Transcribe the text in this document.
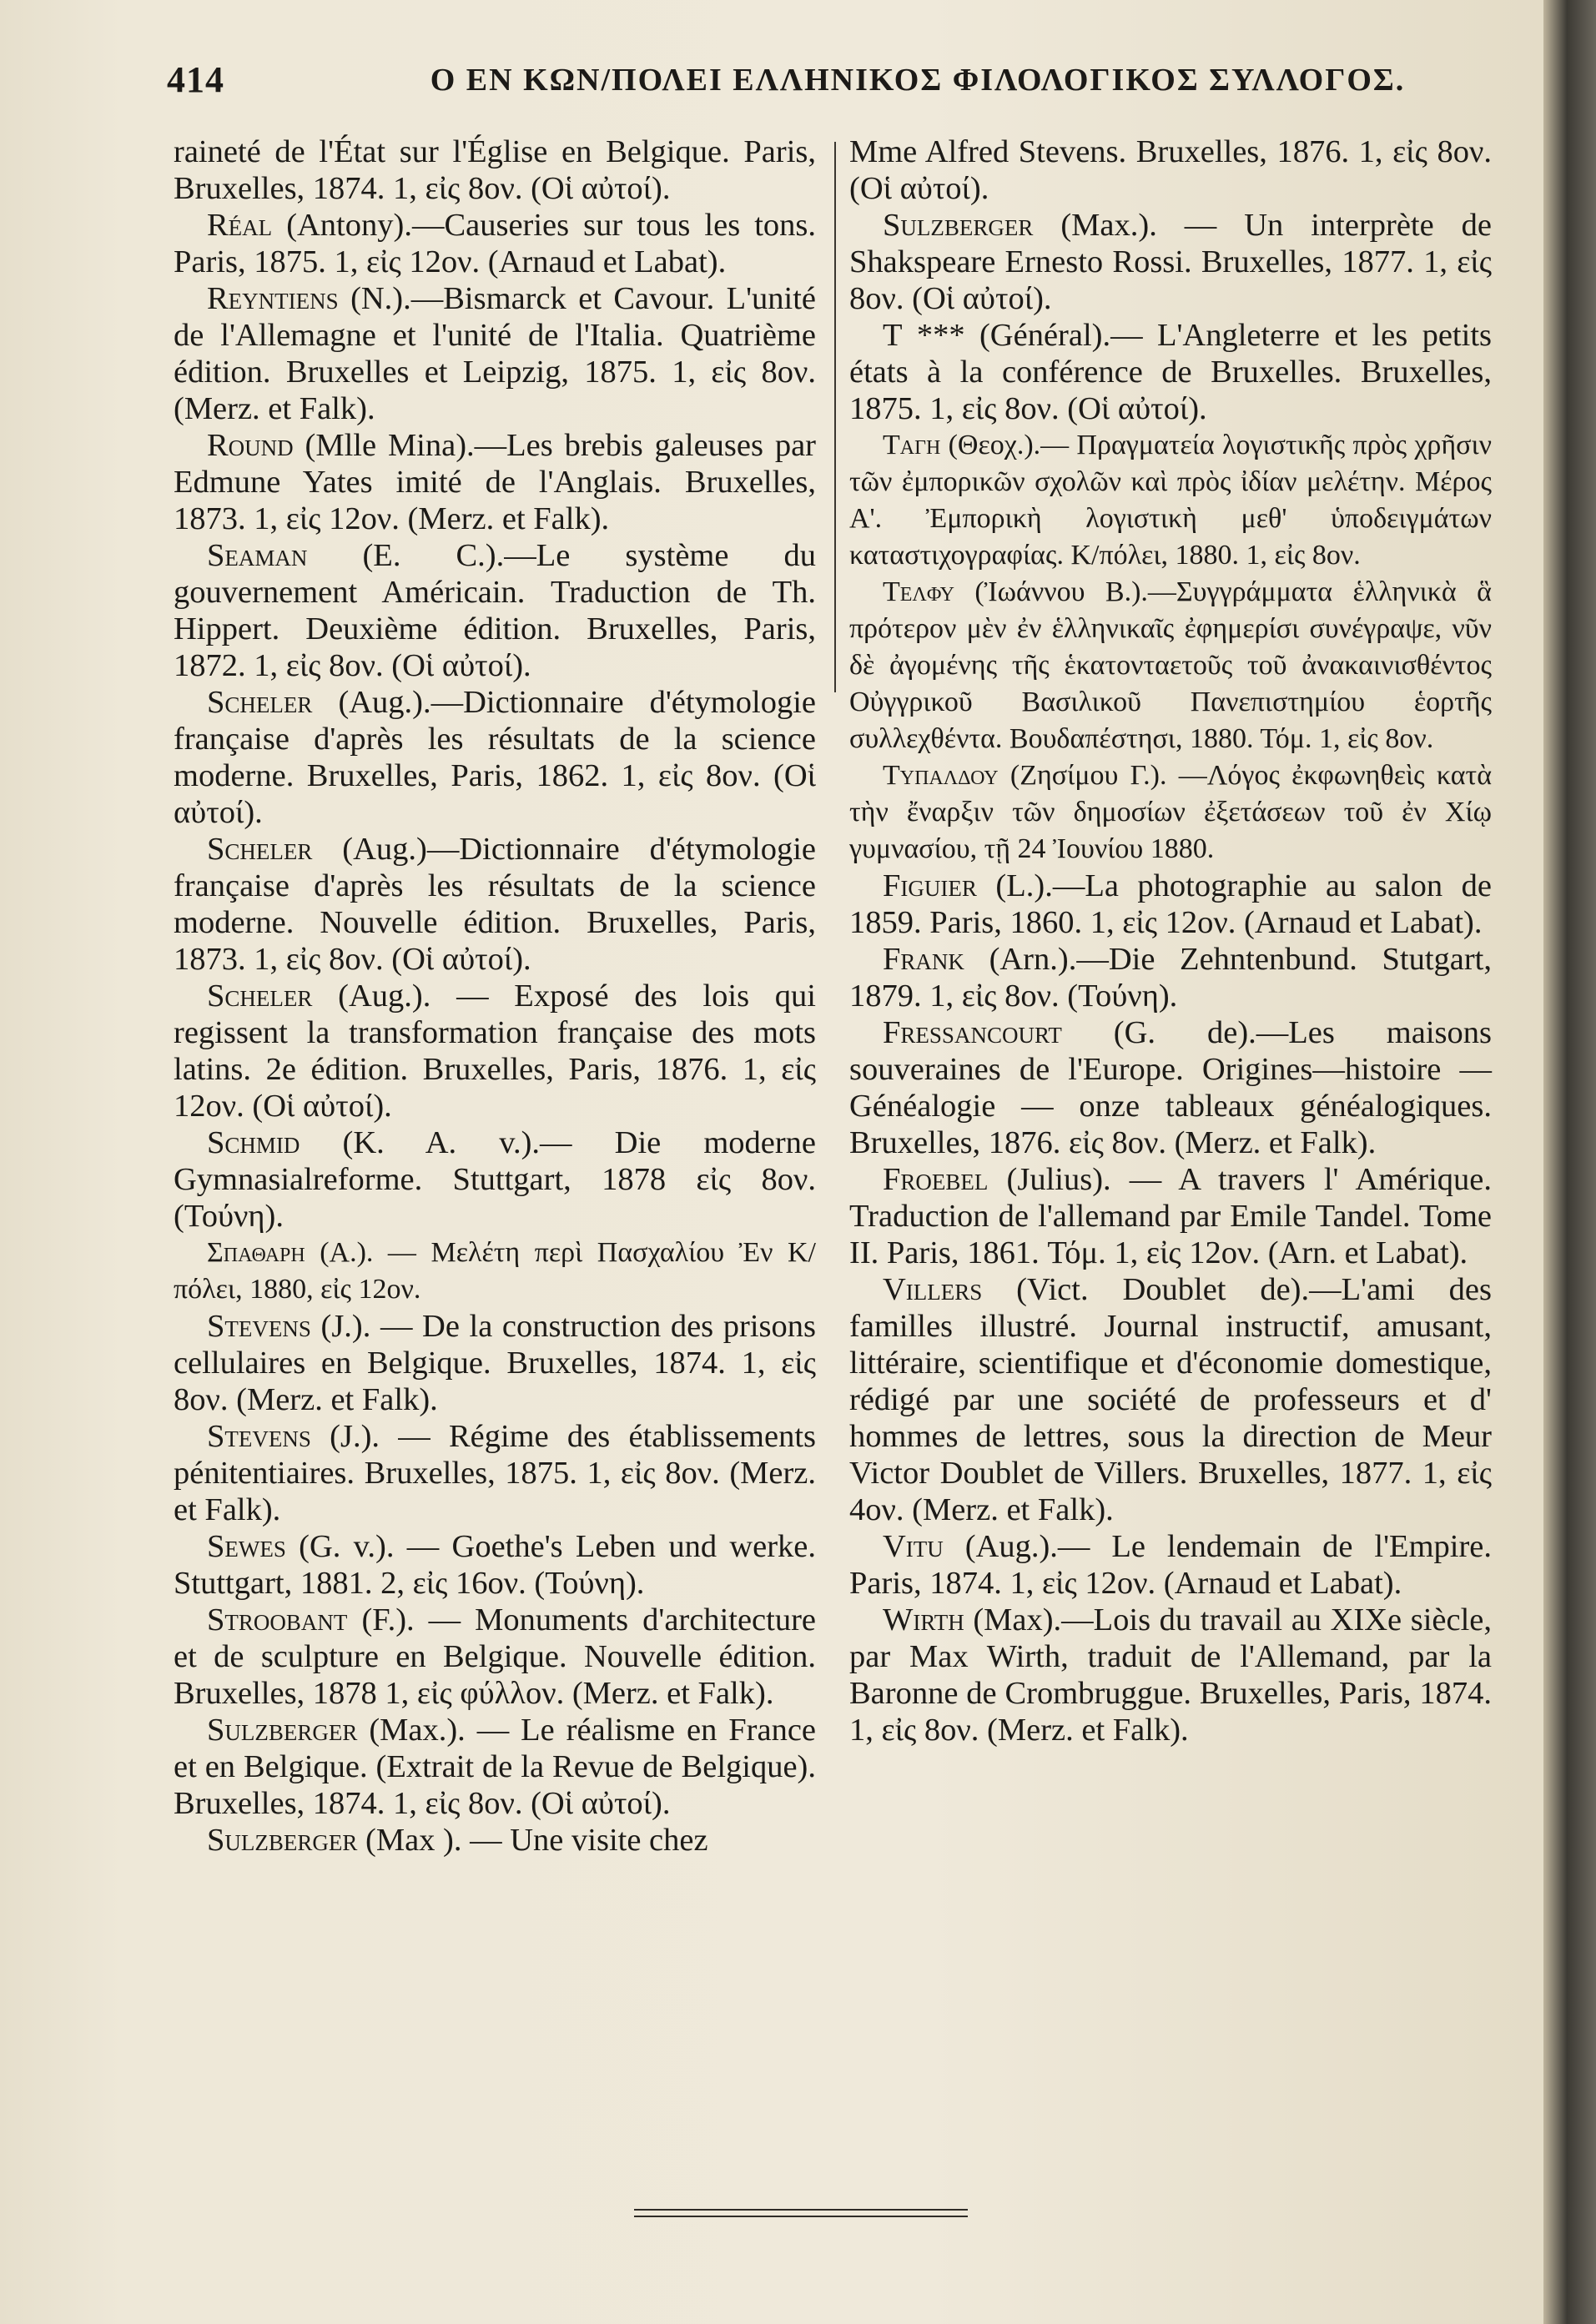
414	Ο ΕΝ ΚΩΝ/ΠΟΛΕΙ ΕΛΛΗΝΙΚΟΣ ΦΙΛΟΛΟΓΙΚΟΣ ΣΥΛΛΟΓΟΣ.

raineté de l'État sur l'Église en Belgique. Paris, Bruxelles, 1874. 1, εἰς 8ον. (Οἱ αὐτοί).

Réal (Antony).—Causeries sur tous les tons. Paris, 1875. 1, εἰς 12ον. (Arnaud et Labat).

Reyntiens (N.).—Bismarck et Cavour. L'unité de l'Allemagne et l'unité de l'Italia. Quatrième édition. Bruxelles et Leipzig, 1875. 1, εἰς 8ον. (Merz. et Falk).

Round (Mlle Mina).—Les brebis galeuses par Edmune Yates imité de l'Anglais. Bruxelles, 1873. 1, εἰς 12ον. (Merz. et Falk).

Seaman (E. C.).—Le système du gouvernement Américain. Traduction de Th. Hippert. Deuxième édition. Bruxelles, Paris, 1872. 1, εἰς 8ον. (Οἱ αὐτοί).

Scheler (Aug.).—Dictionnaire d'étymologie française d'après les résultats de la science moderne. Bruxelles, Paris, 1862. 1, εἰς 8ον. (Οἱ αὐτοί).

Scheler (Aug.)—Dictionnaire d'étymologie française d'après les résultats de la science moderne. Nouvelle édition. Bruxelles, Paris, 1873. 1, εἰς 8ον. (Οἱ αὐτοί).

Scheler (Aug.). — Exposé des lois qui regissent la transformation française des mots latins. 2e édition. Bruxelles, Paris, 1876. 1, εἰς 12ον. (Οἱ αὐτοί).

Schmid (K. A. v.).— Die moderne Gymnasialreforme. Stuttgart, 1878 εἰς 8ον. (Τούνη).

Σπαθαρη (Α.). — Μελέτη περὶ Πασχαλίου Ἐν Κ/πόλει, 1880, εἰς 12ον.

Stevens (J.). — De la construction des prisons cellulaires en Belgique. Bruxelles, 1874. 1, εἰς 8ον. (Merz. et Falk).

Stevens (J.). — Régime des établissements pénitentiaires. Bruxelles, 1875. 1, εἰς 8ον. (Merz. et Falk).

Sewes (G. v.). — Goethe's Leben und werke. Stuttgart, 1881. 2, εἰς 16ον. (Τούνη).

Stroobant (F.). — Monuments d'architecture et de sculpture en Belgique. Nouvelle édition. Bruxelles, 1878 1, εἰς φύλλον. (Merz. et Falk).

Sulzberger (Max.). — Le réalisme en France et en Belgique. (Extrait de la Revue de Belgique). Bruxelles, 1874. 1, εἰς 8ον. (Οἱ αὐτοί).

Sulzberger (Max ). — Une visite chez

Mme Alfred Stevens. Bruxelles, 1876. 1, εἰς 8ον. (Οἱ αὐτοί).

Sulzberger (Max.). — Un interprète de Shakspeare Ernesto Rossi. Bruxelles, 1877. 1, εἰς 8ον. (Οἱ αὐτοί).

T *** (Général).— L'Angleterre et les petits états à la conférence de Bruxelles. Bruxelles, 1875. 1, εἰς 8ον. (Οἱ αὐτοί).

Ταγη (Θεοχ.).— Πραγματεία λογιστικῆς πρὸς χρῆσιν τῶν ἐμπορικῶν σχολῶν καὶ πρὸς ἰδίαν μελέτην. Μέρος Α'. Ἐμπορικὴ λογιστικὴ μεθ' ὑποδειγμάτων καταστιχογραφίας. Κ/πόλει, 1880. 1, εἰς 8ον.

Τελφυ (Ἰωάννου Β.).—Συγγράμματα ἑλληνικὰ ἃ πρότερον μὲν ἐν ἑλληνικαῖς ἐφημερίσι συνέγραψε, νῦν δὲ ἀγομένης τῆς ἑκατονταετοῦς τοῦ ἀνακαινισθέντος Οὐγγρικοῦ Βασιλικοῦ Πανεπιστημίου ἑορτῆς συλλεχθέντα. Βουδαπέστησι, 1880. Τόμ. 1, εἰς 8ον.

Τυπαλδου (Ζησίμου Γ.). —Λόγος ἐκφωνηθεὶς κατὰ τὴν ἔναρξιν τῶν δημοσίων ἐξετάσεων τοῦ ἐν Χίῳ γυμνασίου, τῇ 24 Ἰουνίου 1880.

Figuier (L.).—La photographie au salon de 1859. Paris, 1860. 1, εἰς 12ον. (Arnaud et Labat).

Frank (Arn.).—Die Zehntenbund. Stutgart, 1879. 1, εἰς 8ον. (Τούνη).

Fressancourt (G. de).—Les maisons souveraines de l'Europe. Origines—histoire — Généalogie — onze tableaux généalogiques. Bruxelles, 1876. εἰς 8ον. (Merz. et Falk).

Froebel (Julius). — A travers l' Amérique. Traduction de l'allemand par Emile Tandel. Tome II. Paris, 1861. Τόμ. 1, εἰς 12ον. (Arn. et Labat).

Villers (Vict. Doublet de).—L'ami des familles illustré. Journal instructif, amusant, littéraire, scientifique et d'économie domestique, rédigé par une société de professeurs et d' hommes de lettres, sous la direction de Meur Victor Doublet de Villers. Bruxelles, 1877. 1, εἰς 4ον. (Merz. et Falk).

Vitu (Aug.).— Le lendemain de l'Empire. Paris, 1874. 1, εἰς 12ον. (Arnaud et Labat).

Wirth (Max).—Lois du travail au XIXe siècle, par Max Wirth, traduit de l'Allemand, par la Baronne de Crombruggue. Bruxelles, Paris, 1874. 1, εἰς 8ον. (Merz. et Falk).
